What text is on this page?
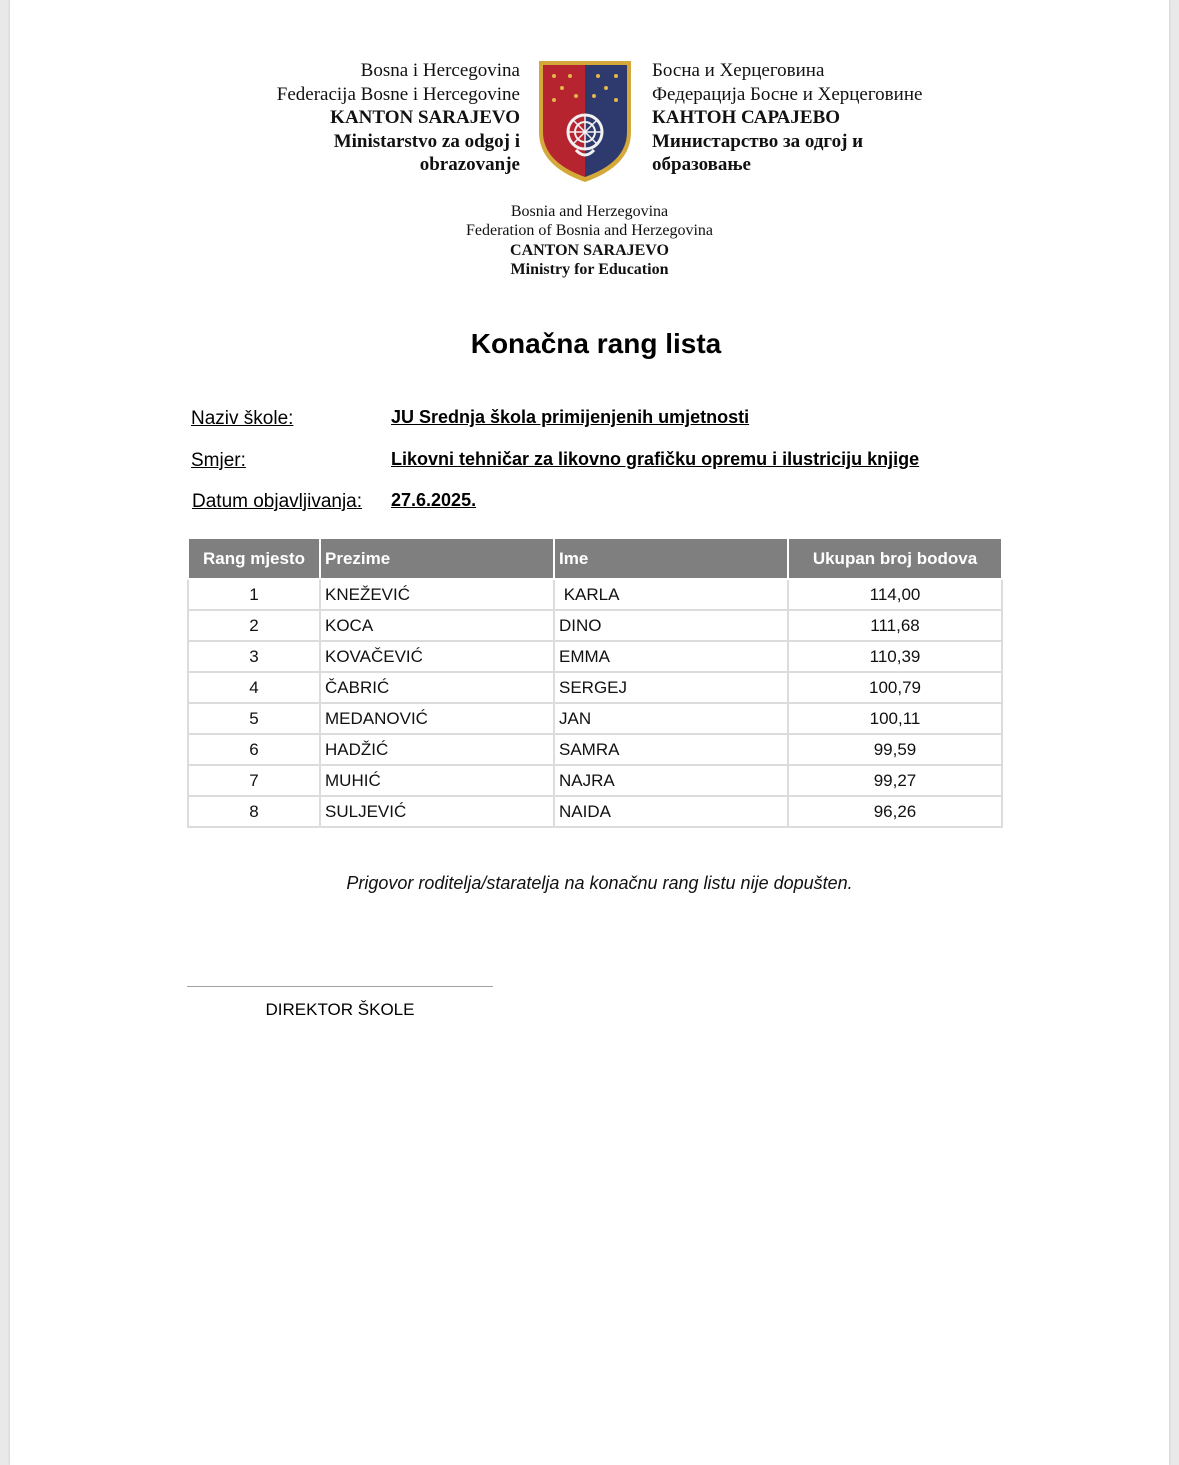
Bosna i Hercegovina
Federacija Bosne i Hercegovine
KANTON SARAJEVO
Ministarstvo za odgoj i
obrazovanje
Босна и Херцеговина
Федерација Босне и Херцеговине
КАНТОН САРАЈЕВО
Министарство за одгој и
образовање
Bosnia and Herzegovina
Federation of Bosnia and Herzegovina
CANTON SARAJEVO
Ministry for Education
Konačna rang lista
Naziv škole:	JU Srednja škola primijenjenih umjetnosti
Smjer:	Likovni tehničar za likovno grafičku opremu i ilustriciju knjige
Datum objavljivanja: 27.6.2025.
Rang mjesto	Prezime	Ime	Ukupan broj bodova
1	KNEŽEVIĆ	KARLA	114,00
2	KOCA	DINO	111,68
3	KOVAČEVIĆ	EMMA	110,39
4	ČABRIĆ	SERGEJ	100,79
5	MEDANOVIĆ	JAN	100,11
6	HADŽIĆ	SAMRA	99,59
7	MUHIĆ	NAJRA	99,27
8	SULJEVIĆ	NAIDA	96,26
Prigovor roditelja/staratelja na konačnu rang listu nije dopušten.
DIREKTOR ŠKOLE
